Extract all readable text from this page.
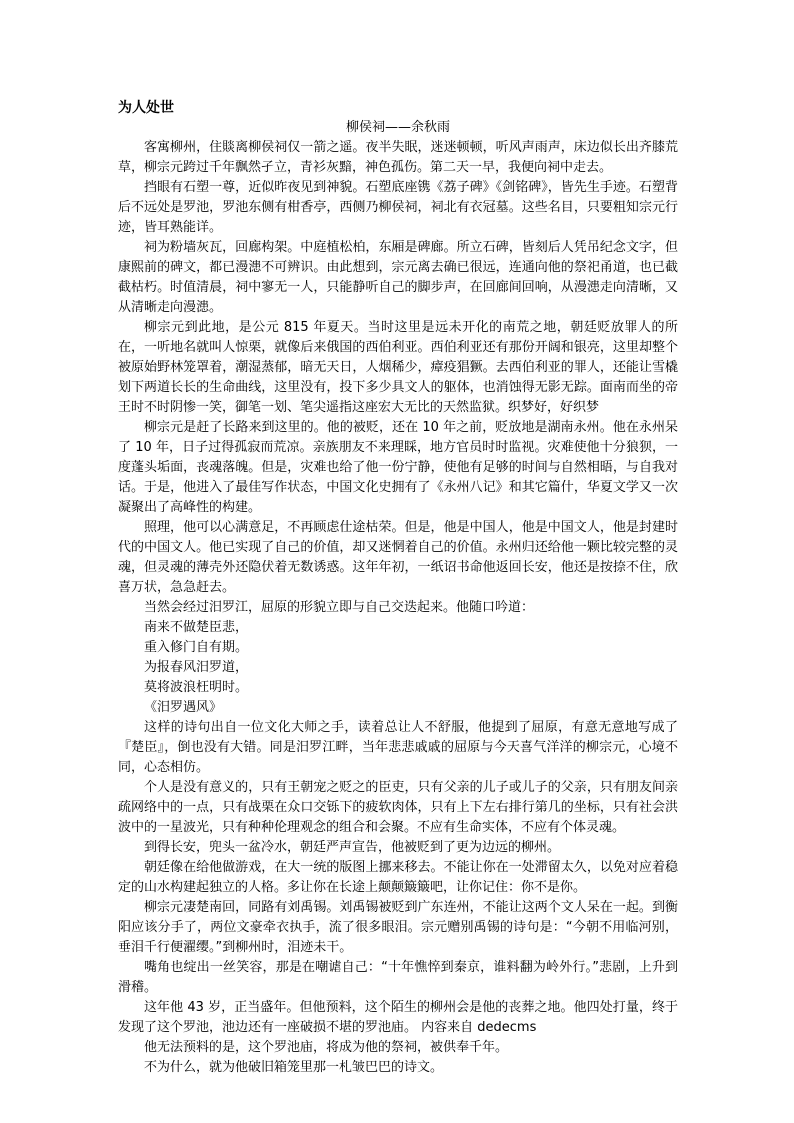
为人处世
柳侯祠——余秋雨

客寓柳州，住賧离柳侯祠仅一箭之遥。夜半失眠，迷迷顿顿，听风声雨声，床边似长出齐膝荒草，柳宗元跨过千年飘然孑立，青衫灰黯，神色孤伤。第二天一早，我便向祠中走去。

挡眼有石塑一尊，近似昨夜见到神貌。石塑底座镌《荔子碑》《剑铭碑》，皆先生手迹。石塑背后不远处是罗池，罗池东侧有柑香亭，西侧乃柳侯祠，祠北有衣冠墓。这些名目，只要粗知宗元行迹，皆耳熟能详。

祠为粉墙灰瓦，回廊构架。中庭植松柏，东厢是碑廊。所立石碑，皆刻后人凭吊纪念文字，但康熙前的碑文，都已漫漶不可辨识。由此想到，宗元离去确已很远，连通向他的祭祀甬道，也已截截枯朽。时值清晨，祠中寥无一人，只能静听自己的脚步声，在回廊间回响，从漫漶走向清晰，又从清晰走向漫漶。

柳宗元到此地，是公元 815 年夏天。当时这里是远未开化的南荒之地，朝廷贬放罪人的所在，一听地名就叫人惊栗，就像后来俄国的西伯利亚。西伯利亚还有那份开阔和银亮，这里却整个被原始野林笼罩着，潮湿蒸郁，暗无天日，人烟稀少，瘴疫猖獗。去西伯利亚的罪人，还能让雪橇划下两道长长的生命曲线，这里没有，投下多少具文人的躯体，也消蚀得无影无踪。面南而坐的帝王时不时阴惨一笑，御笔一划、笔尖遥指这座宏大无比的天然监狱。织梦好，好织梦

柳宗元是赶了长路来到这里的。他的被贬，还在 10 年之前，贬放地是湖南永州。他在永州呆了 10 年，日子过得孤寂而荒凉。亲族朋友不来理睬，地方官员时时监视。灾难使他十分狼狈，一度蓬头垢面，丧魂落魄。但是，灾难也给了他一份宁静，使他有足够的时间与自然相晤，与自我对话。于是，他进入了最佳写作状态，中国文化史拥有了《永州八记》和其它篇什，华夏文学又一次凝聚出了高峰性的构建。

照理，他可以心满意足，不再顾虑仕途枯荣。但是，他是中国人，他是中国文人，他是封建时代的中国文人。他已实现了自己的价值，却又迷惘着自己的价值。永州归还给他一颗比较完整的灵魂，但灵魂的薄壳外还隐伏着无数诱惑。这年年初，一纸诏书命他返回长安，他还是按捺不住，欣喜万状，急急赶去。

当然会经过汨罗江，屈原的形貌立即与自己交迭起来。他随口吟道：

南来不做楚臣悲，

重入修门自有期。

为报春风汨罗道，

莫将波浪枉明时。

《汨罗遇风》

这样的诗句出自一位文化大师之手，读着总让人不舒服，他提到了屈原，有意无意地写成了『楚臣』，倒也没有大错。同是汨罗江畔，当年悲悲戚戚的屈原与今天喜气洋洋的柳宗元，心境不同，心态相仿。

个人是没有意义的，只有王朝宠之贬之的臣吏，只有父亲的儿子或儿子的父亲，只有朋友间亲疏网络中的一点，只有战栗在众口交铄下的疲软肉体，只有上下左右排行第几的坐标，只有社会洪波中的一星波光，只有种种伦理观念的组合和会聚。不应有生命实体，不应有个体灵魂。

到得长安，兜头一盆冷水，朝廷严声宣告，他被贬到了更为边远的柳州。

朝廷像在给他做游戏，在大一统的版图上挪来移去。不能让你在一处滞留太久，以免对应着稳定的山水构建起独立的人格。多让你在长途上颠颠簸簸吧，让你记住：你不是你。

柳宗元凄楚南回，同路有刘禹锡。刘禹锡被贬到广东连州，不能让这两个文人呆在一起。到衡阳应该分手了，两位文豪牵衣执手，流了很多眼泪。宗元赠别禹锡的诗句是：“今朝不用临河别，垂泪千行便濯缨。”到柳州时，泪迹未干。

嘴角也绽出一丝笑容，那是在嘲谑自己：“十年憔悴到秦京，谁料翻为岭外行。”悲剧，上升到滑稽。

这年他 43 岁，正当盛年。但他预料，这个陌生的柳州会是他的丧葬之地。他四处打量，终于发现了这个罗池，池边还有一座破损不堪的罗池庙。 内容来自 dedecms

他无法预料的是，这个罗池庙，将成为他的祭祠，被供奉千年。

不为什么，就为他破旧箱笼里那一札皱巴巴的诗文。
